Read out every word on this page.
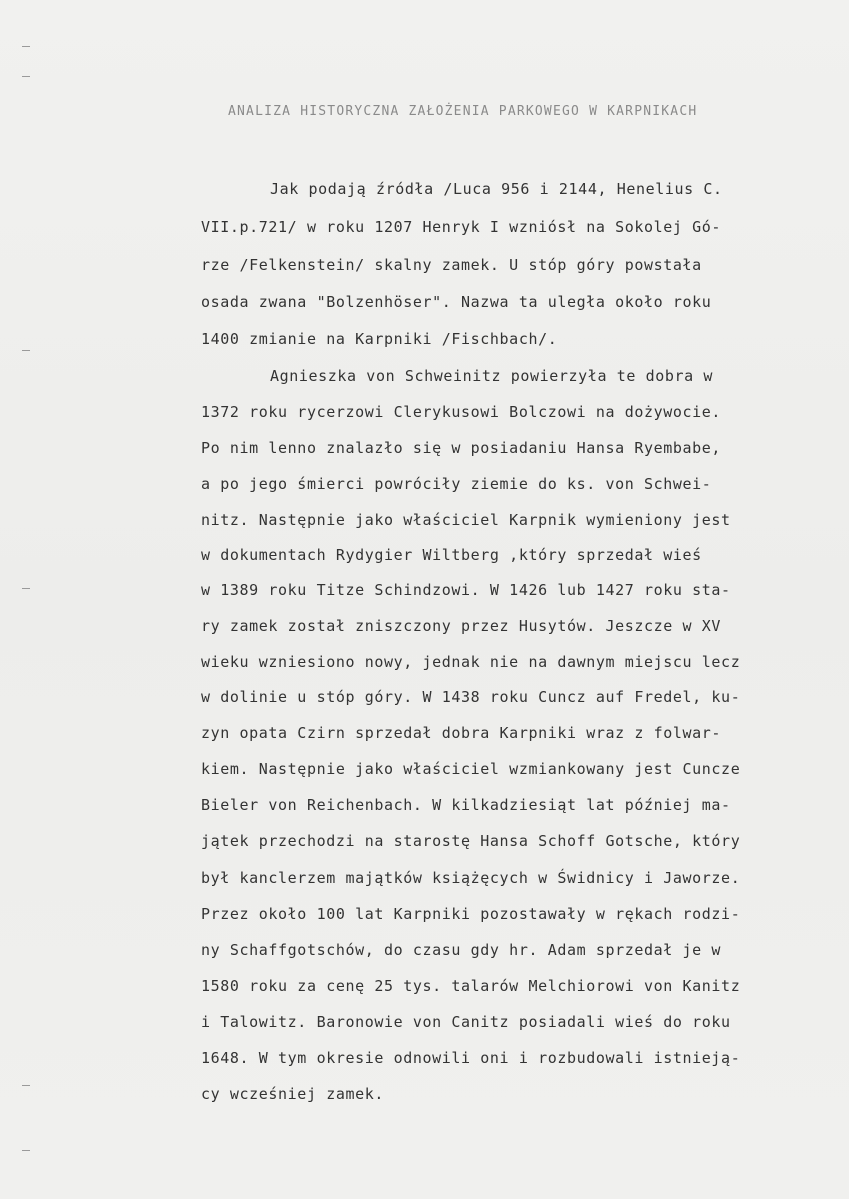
ANALIZA HISTORYCZNA ZAŁOŻENIA PARKOWEGO W KARPNIKACH
Jak podają źródła /Luca 956 i 2144, Henelius C.
VII.p.721/ w roku 1207 Henryk I wzniósł na Sokolej Gó-
rze /Felkenstein/ skalny zamek. U stóp góry powstała
osada zwana "Bolzenhöser". Nazwa ta uległa około roku
1400 zmianie na Karpniki /Fischbach/.
Agnieszka von Schweinitz powierzyła te dobra w
1372 roku rycerzowi Clerykusowi Bolczowi na dożywocie.
Po nim lenno znalazło się w posiadaniu Hansa Ryembabe,
a po jego śmierci powróciły ziemie do ks. von Schwei-
nitz. Następnie jako właściciel Karpnik wymieniony jest
w dokumentach Rydygier Wiltberg ,który sprzedał wieś
w 1389 roku Titze Schindzowi. W 1426 lub 1427 roku sta-
ry zamek został zniszczony przez Husytów. Jeszcze w XV
wieku wzniesiono nowy, jednak nie na dawnym miejscu lecz
w dolinie u stóp góry. W 1438 roku Cuncz auf Fredel, ku-
zyn opata Czirn sprzedał dobra Karpniki wraz z folwar-
kiem. Następnie jako właściciel wzmiankowany jest Cuncze
Bieler von Reichenbach. W kilkadziesiąt lat później ma-
jątek przechodzi na starostę Hansa Schoff Gotsche, który
był kanclerzem majątków książęcych w Świdnicy i Jaworze.
Przez około 100 lat Karpniki pozostawały w rękach rodzi-
ny Schaffgotschów, do czasu gdy hr. Adam sprzedał je w
1580 roku za cenę 25 tys. talarów Melchiorowi von Kanitz
i Talowitz. Baronowie von Canitz posiadali wieś do roku
1648. W tym okresie odnowili oni i rozbudowali istnieją-
cy wcześniej zamek.
